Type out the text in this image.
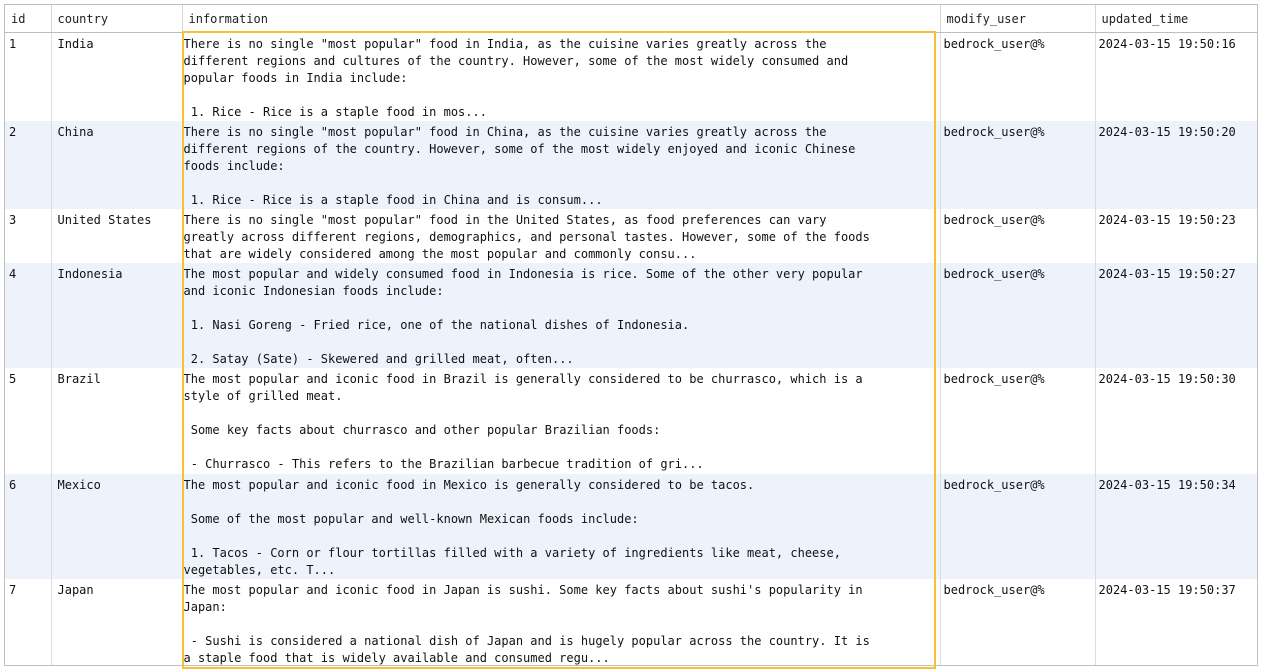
id	country	information	modify_user	updated_time
1	India	There is no single "most popular" food in India, as the cuisine varies greatly across the
different regions and cultures of the country. However, some of the most widely consumed and
popular foods in India include:

1. Rice - Rice is a staple food in mos...	bedrock_user@%	2024-03-15 19:50:16
2	China	There is no single "most popular" food in China, as the cuisine varies greatly across the
different regions of the country. However, some of the most widely enjoyed and iconic Chinese
foods include:

1. Rice - Rice is a staple food in China and is consum...	bedrock_user@%	2024-03-15 19:50:20
3	United States	There is no single "most popular" food in the United States, as food preferences can vary
greatly across different regions, demographics, and personal tastes. However, some of the foods
that are widely considered among the most popular and commonly consu...	bedrock_user@%	2024-03-15 19:50:23
4	Indonesia	The most popular and widely consumed food in Indonesia is rice. Some of the other very popular
and iconic Indonesian foods include:

1. Nasi Goreng - Fried rice, one of the national dishes of Indonesia.

2. Satay (Sate) - Skewered and grilled meat, often...	bedrock_user@%	2024-03-15 19:50:27
5	Brazil	The most popular and iconic food in Brazil is generally considered to be churrasco, which is a
style of grilled meat.

Some key facts about churrasco and other popular Brazilian foods:

- Churrasco - This refers to the Brazilian barbecue tradition of gri...	bedrock_user@%	2024-03-15 19:50:30
6	Mexico	The most popular and iconic food in Mexico is generally considered to be tacos.

Some of the most popular and well-known Mexican foods include:

1. Tacos - Corn or flour tortillas filled with a variety of ingredients like meat, cheese,
vegetables, etc. T...	bedrock_user@%	2024-03-15 19:50:34
7	Japan	The most popular and iconic food in Japan is sushi. Some key facts about sushi's popularity in
Japan:

- Sushi is considered a national dish of Japan and is hugely popular across the country. It is
a staple food that is widely available and consumed regu...	bedrock_user@%	2024-03-15 19:50:37
